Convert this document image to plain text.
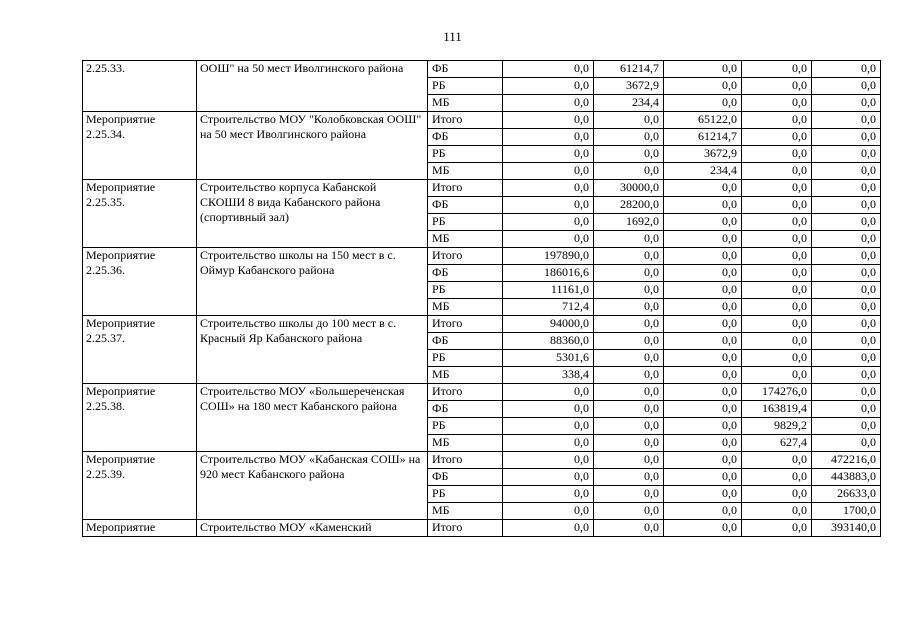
111
2.25.33.	ООШ" на 50 мест Иволгинского района	ФБ	0,0	61214,7	0,0	0,0	0,0
		РБ	0,0	3672,9	0,0	0,0	0,0
		МБ	0,0	234,4	0,0	0,0	0,0
Мероприятие 2.25.34.	Строительство МОУ "Колобковская ООШ" на 50 мест Иволгинского района	Итого	0,0	0,0	65122,0	0,0	0,0
		ФБ	0,0	0,0	61214,7	0,0	0,0
		РБ	0,0	0,0	3672,9	0,0	0,0
		МБ	0,0	0,0	234,4	0,0	0,0
Мероприятие 2.25.35.	Строительство корпуса Кабанской СКОШИ 8 вида Кабанского района (спортивный зал)	Итого	0,0	30000,0	0,0	0,0	0,0
		ФБ	0,0	28200,0	0,0	0,0	0,0
		РБ	0,0	1692,0	0,0	0,0	0,0
		МБ	0,0	0,0	0,0	0,0	0,0
Мероприятие 2.25.36.	Строительство школы на 150 мест в с. Оймур Кабанского района	Итого	197890,0	0,0	0,0	0,0	0,0
		ФБ	186016,6	0,0	0,0	0,0	0,0
		РБ	11161,0	0,0	0,0	0,0	0,0
		МБ	712,4	0,0	0,0	0,0	0,0
Мероприятие 2.25.37.	Строительство школы до 100 мест в с. Красный Яр Кабанского района	Итого	94000,0	0,0	0,0	0,0	0,0
		ФБ	88360,0	0,0	0,0	0,0	0,0
		РБ	5301,6	0,0	0,0	0,0	0,0
		МБ	338,4	0,0	0,0	0,0	0,0
Мероприятие 2.25.38.	Строительство МОУ «Большереченская СОШ» на 180 мест Кабанского района	Итого	0,0	0,0	0,0	174276,0	0,0
		ФБ	0,0	0,0	0,0	163819,4	0,0
		РБ	0,0	0,0	0,0	9829,2	0,0
		МБ	0,0	0,0	0,0	627,4	0,0
Мероприятие 2.25.39.	Строительство МОУ «Кабанская СОШ» на 920 мест Кабанского района	Итого	0,0	0,0	0,0	0,0	472216,0
		ФБ	0,0	0,0	0,0	0,0	443883,0
		РБ	0,0	0,0	0,0	0,0	26633,0
		МБ	0,0	0,0	0,0	0,0	1700,0
Мероприятие	Строительство МОУ «Каменский	Итого	0,0	0,0	0,0	0,0	393140,0
